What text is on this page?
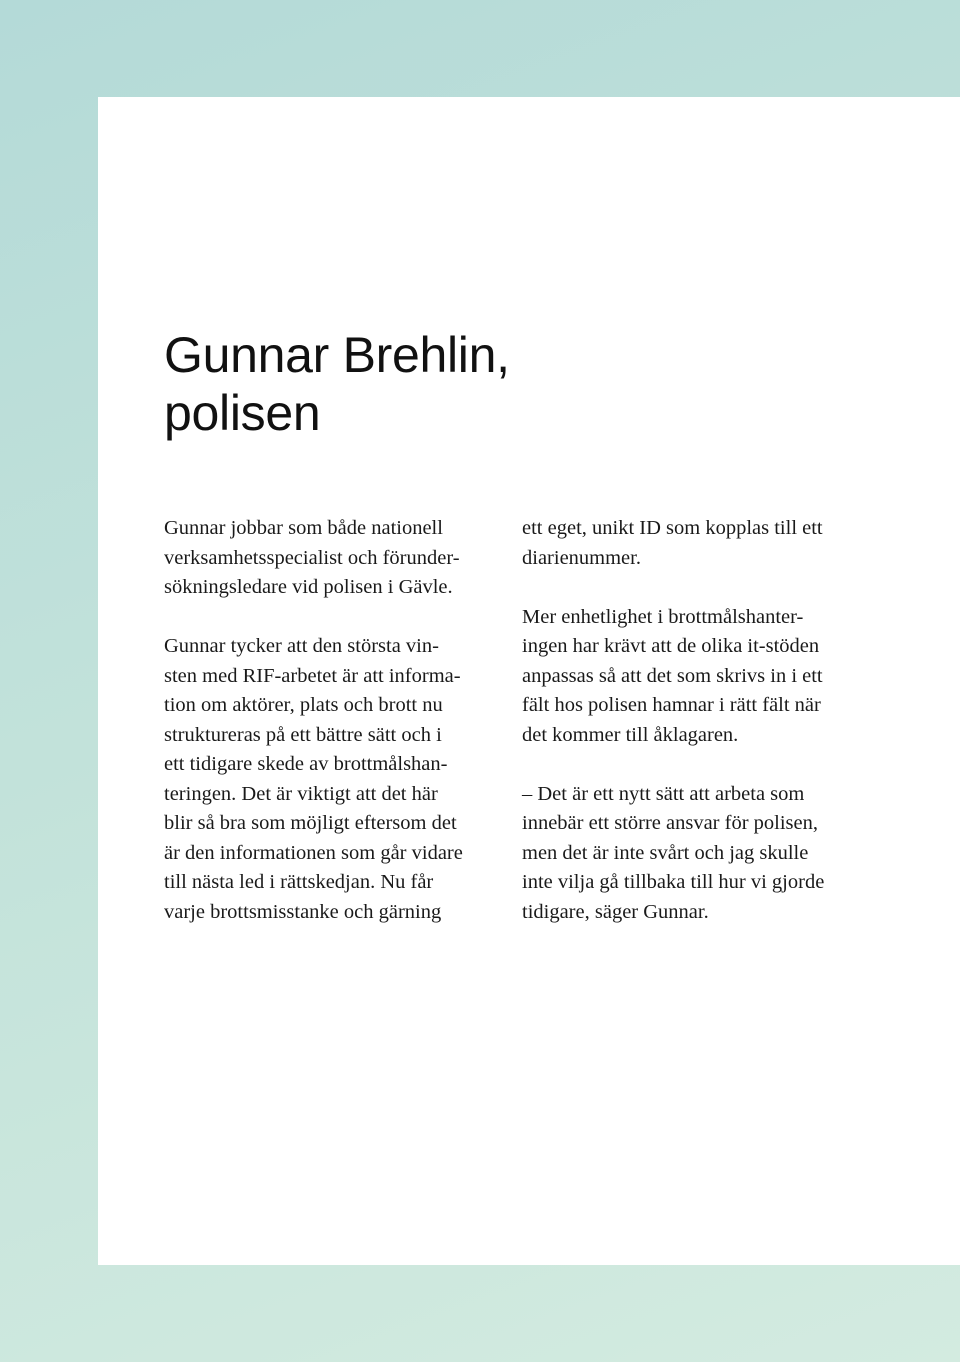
Gunnar Brehlin,
polisen

Gunnar jobbar som både nationell
verksamhetsspecialist och förunder-
sökningsledare vid polisen i Gävle.

Gunnar tycker att den största vin-
sten med RIF-arbetet är att informa-
tion om aktörer, plats och brott nu
struktureras på ett bättre sätt och i
ett tidigare skede av brottmålshan-
teringen. Det är viktigt att det här
blir så bra som möjligt eftersom det
är den informationen som går vidare
till nästa led i rättskedjan. Nu får
varje brottsmisstanke och gärning

ett eget, unikt ID som kopplas till ett
diarienummer.

Mer enhetlighet i brottmålshanter-
ingen har krävt att de olika it-stöden
anpassas så att det som skrivs in i ett
fält hos polisen hamnar i rätt fält när
det kommer till åklagaren.

– Det är ett nytt sätt att arbeta som
innebär ett större ansvar för polisen,
men det är inte svårt och jag skulle
inte vilja gå tillbaka till hur vi gjorde
tidigare, säger Gunnar.
